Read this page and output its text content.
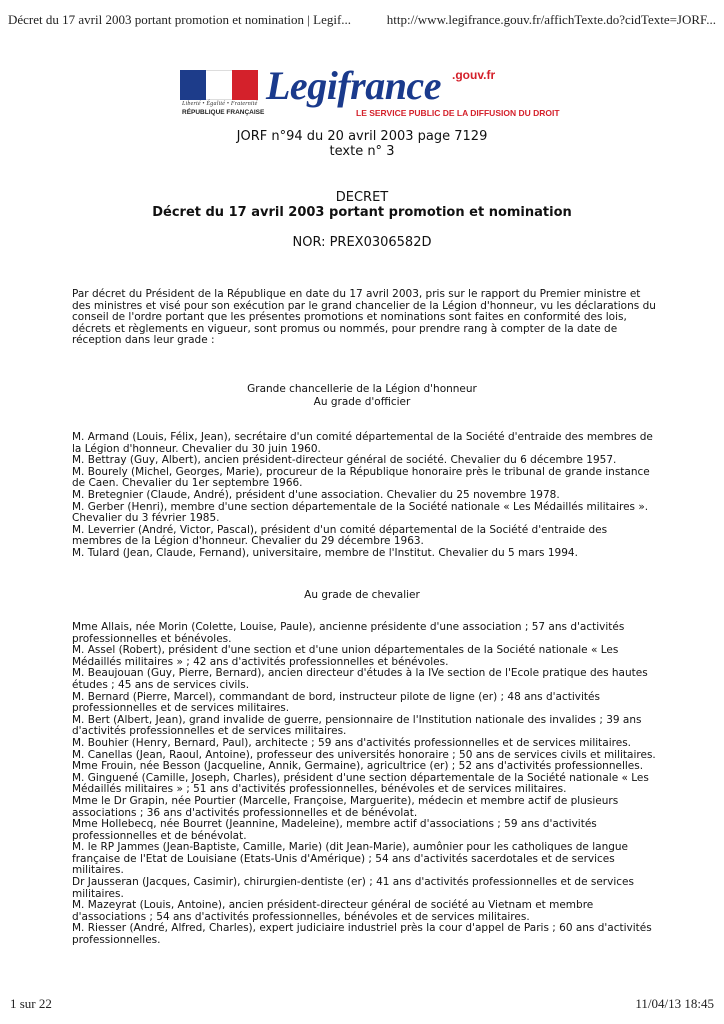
Décret du 17 avril 2003 portant promotion et nomination | Legif...	http://www.legifrance.gouv.fr/affichTexte.do?cidTexte=JORF...
Liberté • Égalité • Fraternité
RÉPUBLIQUE FRANÇAISE
Legifrance .gouv.fr
LE SERVICE PUBLIC DE LA DIFFUSION DU DROIT
JORF n°94 du 20 avril 2003 page 7129
texte n° 3
DECRET
Décret du 17 avril 2003 portant promotion et nomination
NOR: PREX0306582D
Par décret du Président de la République en date du 17 avril 2003, pris sur le rapport du Premier ministre et des ministres et visé pour son exécution par le grand chancelier de la Légion d'honneur, vu les déclarations du conseil de l'ordre portant que les présentes promotions et nominations sont faites en conformité des lois, décrets et règlements en vigueur, sont promus ou nommés, pour prendre rang à compter de la date de réception dans leur grade :
Grande chancellerie de la Légion d'honneur
Au grade d'officier

M. Armand (Louis, Félix, Jean), secrétaire d'un comité départemental de la Société d'entraide des membres de la Légion d'honneur. Chevalier du 30 juin 1960.

M. Bettray (Guy, Albert), ancien président-directeur général de société. Chevalier du 6 décembre 1957.

M. Bourely (Michel, Georges, Marie), procureur de la République honoraire près le tribunal de grande instance de Caen. Chevalier du 1er septembre 1966.

M. Bretegnier (Claude, André), président d'une association. Chevalier du 25 novembre 1978.

M. Gerber (Henri), membre d'une section départementale de la Société nationale « Les Médaillés militaires ». Chevalier du 3 février 1985.

M. Leverrier (André, Victor, Pascal), président d'un comité départemental de la Société d'entraide des membres de la Légion d'honneur. Chevalier du 29 décembre 1963.

M. Tulard (Jean, Claude, Fernand), universitaire, membre de l'Institut. Chevalier du 5 mars 1994.

Au grade de chevalier

Mme Allais, née Morin (Colette, Louise, Paule), ancienne présidente d'une association ; 57 ans d'activités professionnelles et bénévoles.

M. Assel (Robert), président d'une section et d'une union départementales de la Société nationale « Les Médaillés militaires » ; 42 ans d'activités professionnelles et bénévoles.

M. Beaujouan (Guy, Pierre, Bernard), ancien directeur d'études à la IVe section de l'Ecole pratique des hautes études ; 45 ans de services civils.

M. Bernard (Pierre, Marcel), commandant de bord, instructeur pilote de ligne (er) ; 48 ans d'activités professionnelles et de services militaires.

M. Bert (Albert, Jean), grand invalide de guerre, pensionnaire de l'Institution nationale des invalides ; 39 ans d'activités professionnelles et de services militaires.

M. Bouhier (Henry, Bernard, Paul), architecte ; 59 ans d'activités professionnelles et de services militaires.

M. Canellas (Jean, Raoul, Antoine), professeur des universités honoraire ; 50 ans de services civils et militaires.

Mme Frouin, née Besson (Jacqueline, Annik, Germaine), agricultrice (er) ; 52 ans d'activités professionnelles.

M. Ginguené (Camille, Joseph, Charles), président d'une section départementale de la Société nationale « Les Médaillés militaires » ; 51 ans d'activités professionnelles, bénévoles et de services militaires.

Mme le Dr Grapin, née Pourtier (Marcelle, Françoise, Marguerite), médecin et membre actif de plusieurs associations ; 36 ans d'activités professionnelles et de bénévolat.

Mme Hollebecq, née Bourret (Jeannine, Madeleine), membre actif d'associations ; 59 ans d'activités professionnelles et de bénévolat.

M. le RP Jammes (Jean-Baptiste, Camille, Marie) (dit Jean-Marie), aumônier pour les catholiques de langue française de l'Etat de Louisiane (Etats-Unis d'Amérique) ; 54 ans d'activités sacerdotales et de services militaires.

Dr Jausseran (Jacques, Casimir), chirurgien-dentiste (er) ; 41 ans d'activités professionnelles et de services militaires.

M. Mazeyrat (Louis, Antoine), ancien président-directeur général de société au Vietnam et membre d'associations ; 54 ans d'activités professionnelles, bénévoles et de services militaires.

M. Riesser (André, Alfred, Charles), expert judiciaire industriel près la cour d'appel de Paris ; 60 ans d'activités professionnelles.

1 sur 22	11/04/13 18:45
